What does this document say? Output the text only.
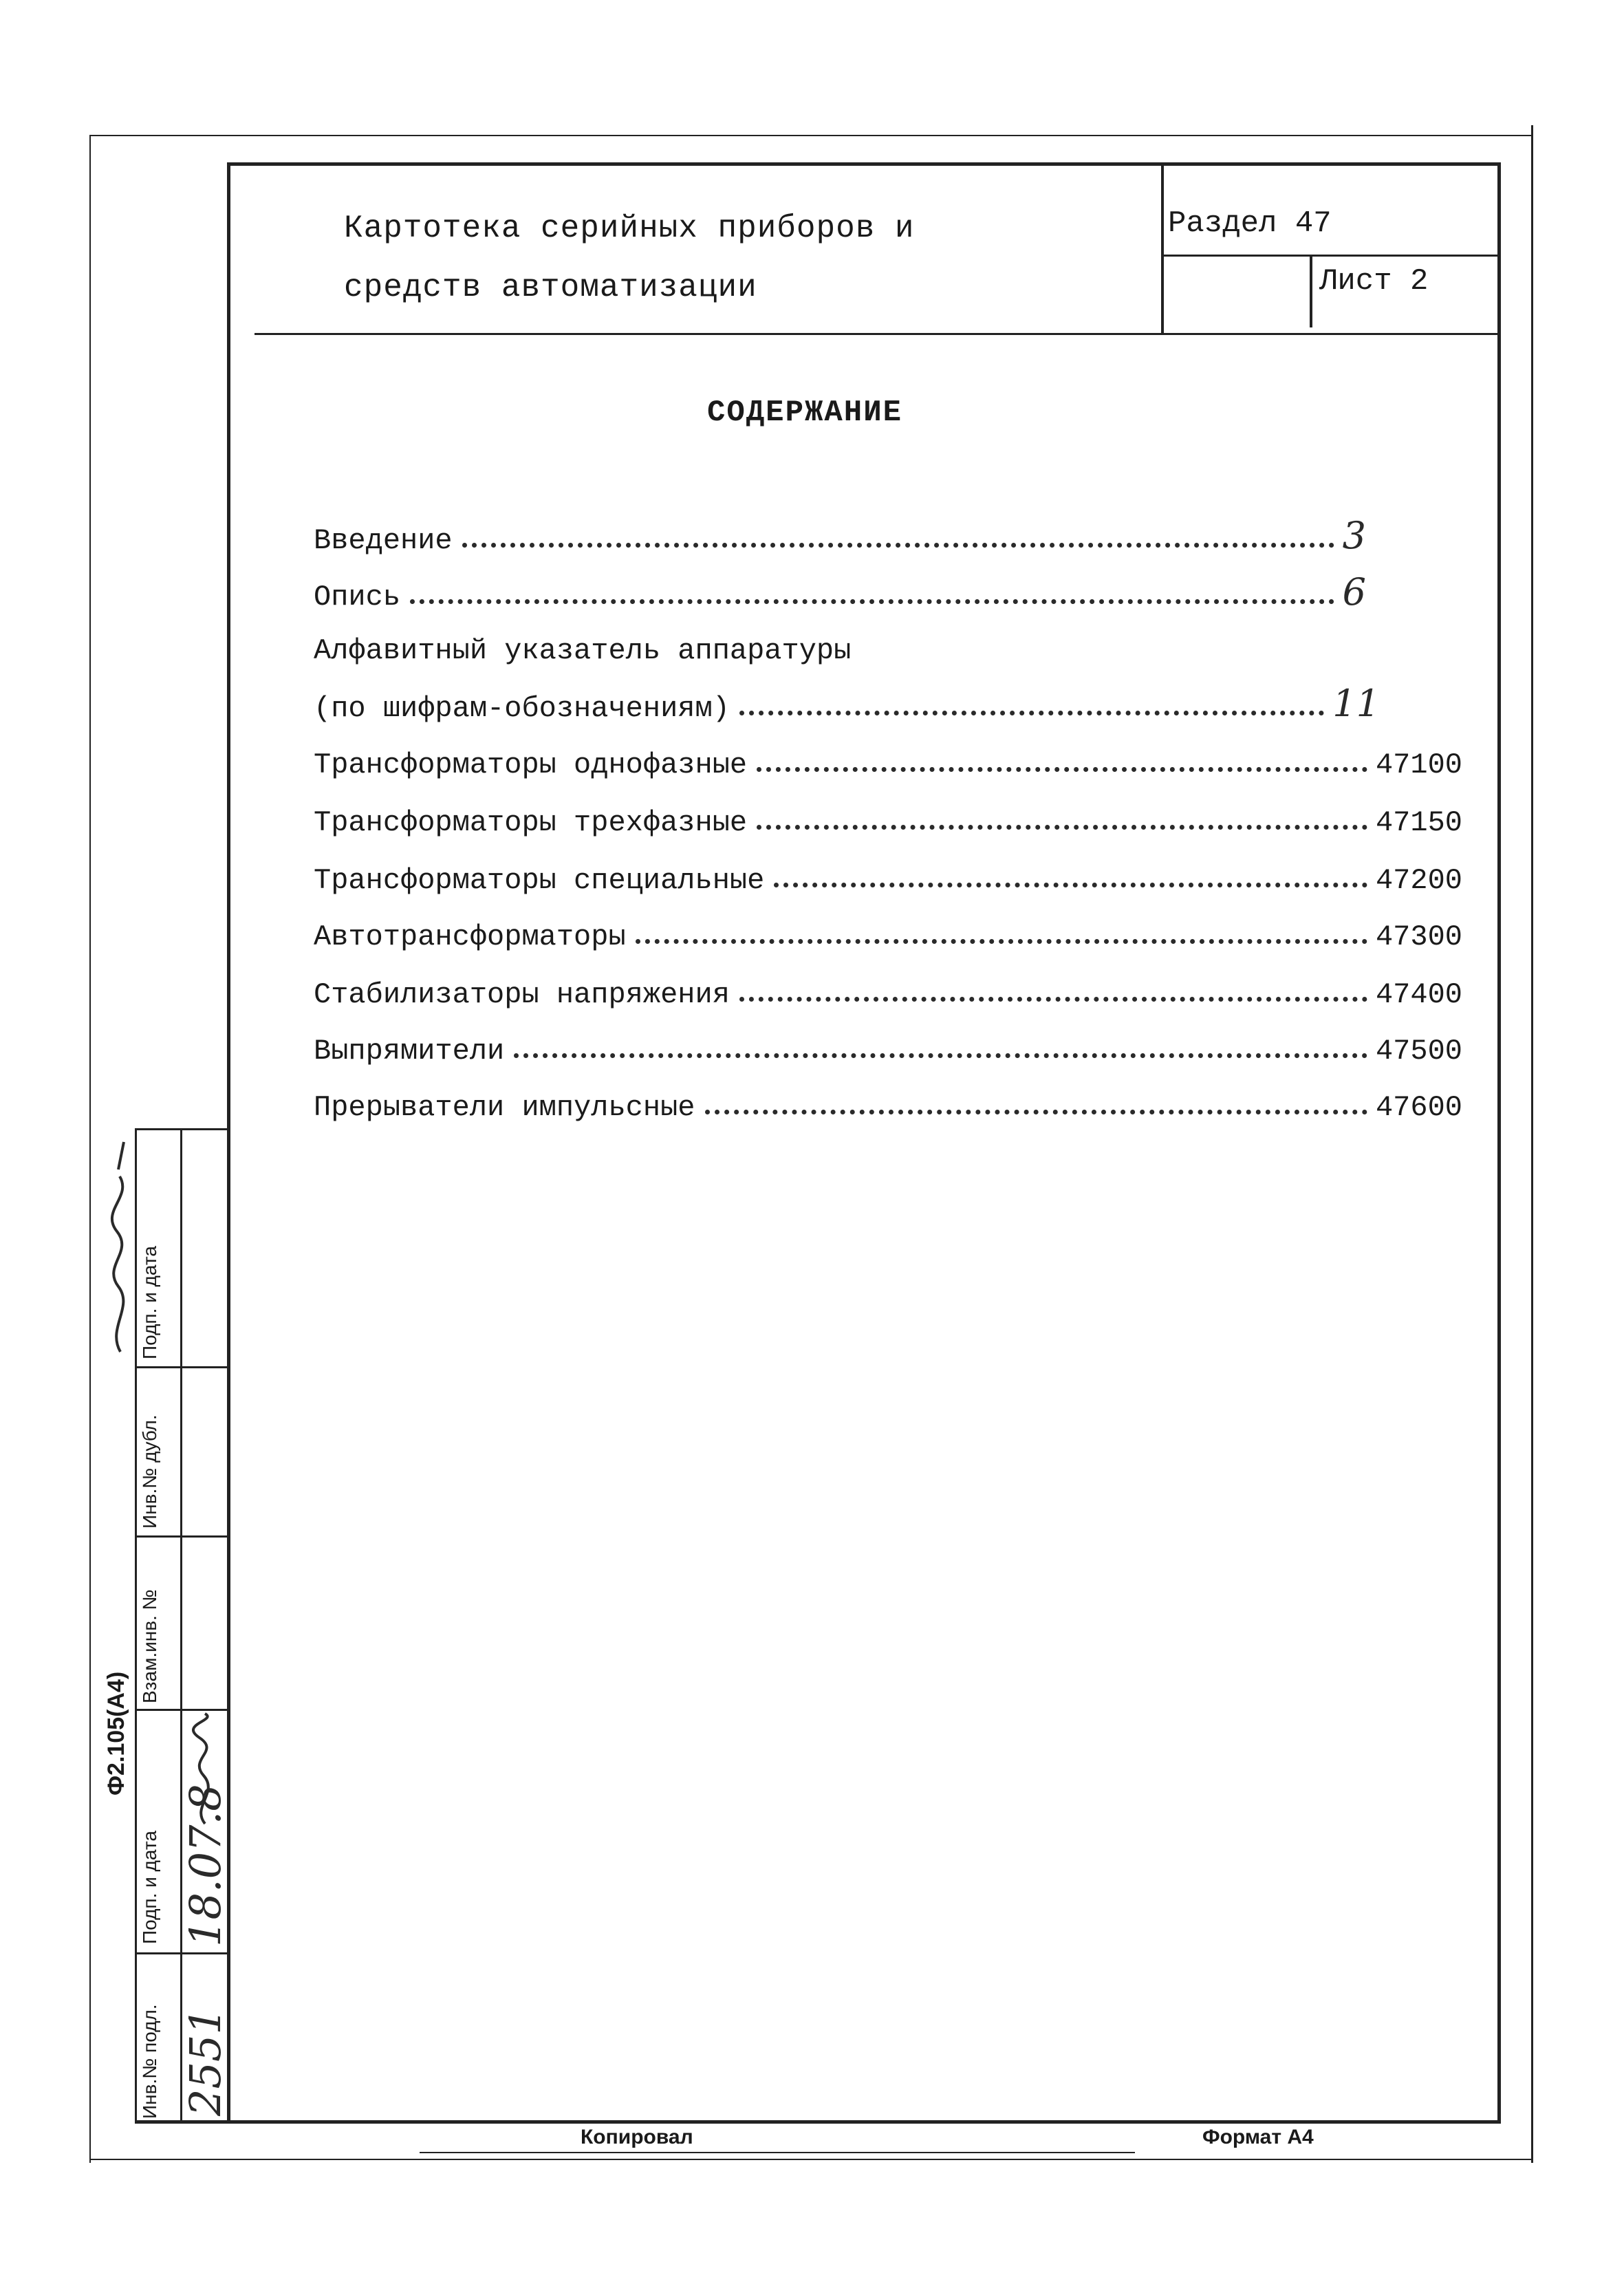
Картотека серийных приборов и
средств автоматизации
Раздел 47
Лист 2
СОДЕРЖАНИЕ
Введение	3
Опись	6
Алфавитный указатель аппаратуры
(по шифрам-обозначениям)	11
Трансформаторы однофазные	47100
Трансформаторы трехфазные	47150
Трансформаторы специальные	47200
Автотрансформаторы	47300
Стабилизаторы напряжения	47400
Выпрямители	47500
Прерыватели импульсные	47600
Ф2.105(А4)
Инв.№ подл.
Подп. и дата
Взам.инв. №
Инв.№ дубл.
Подп. и дата
2551
18.07.8
Копировал	Формат А4
